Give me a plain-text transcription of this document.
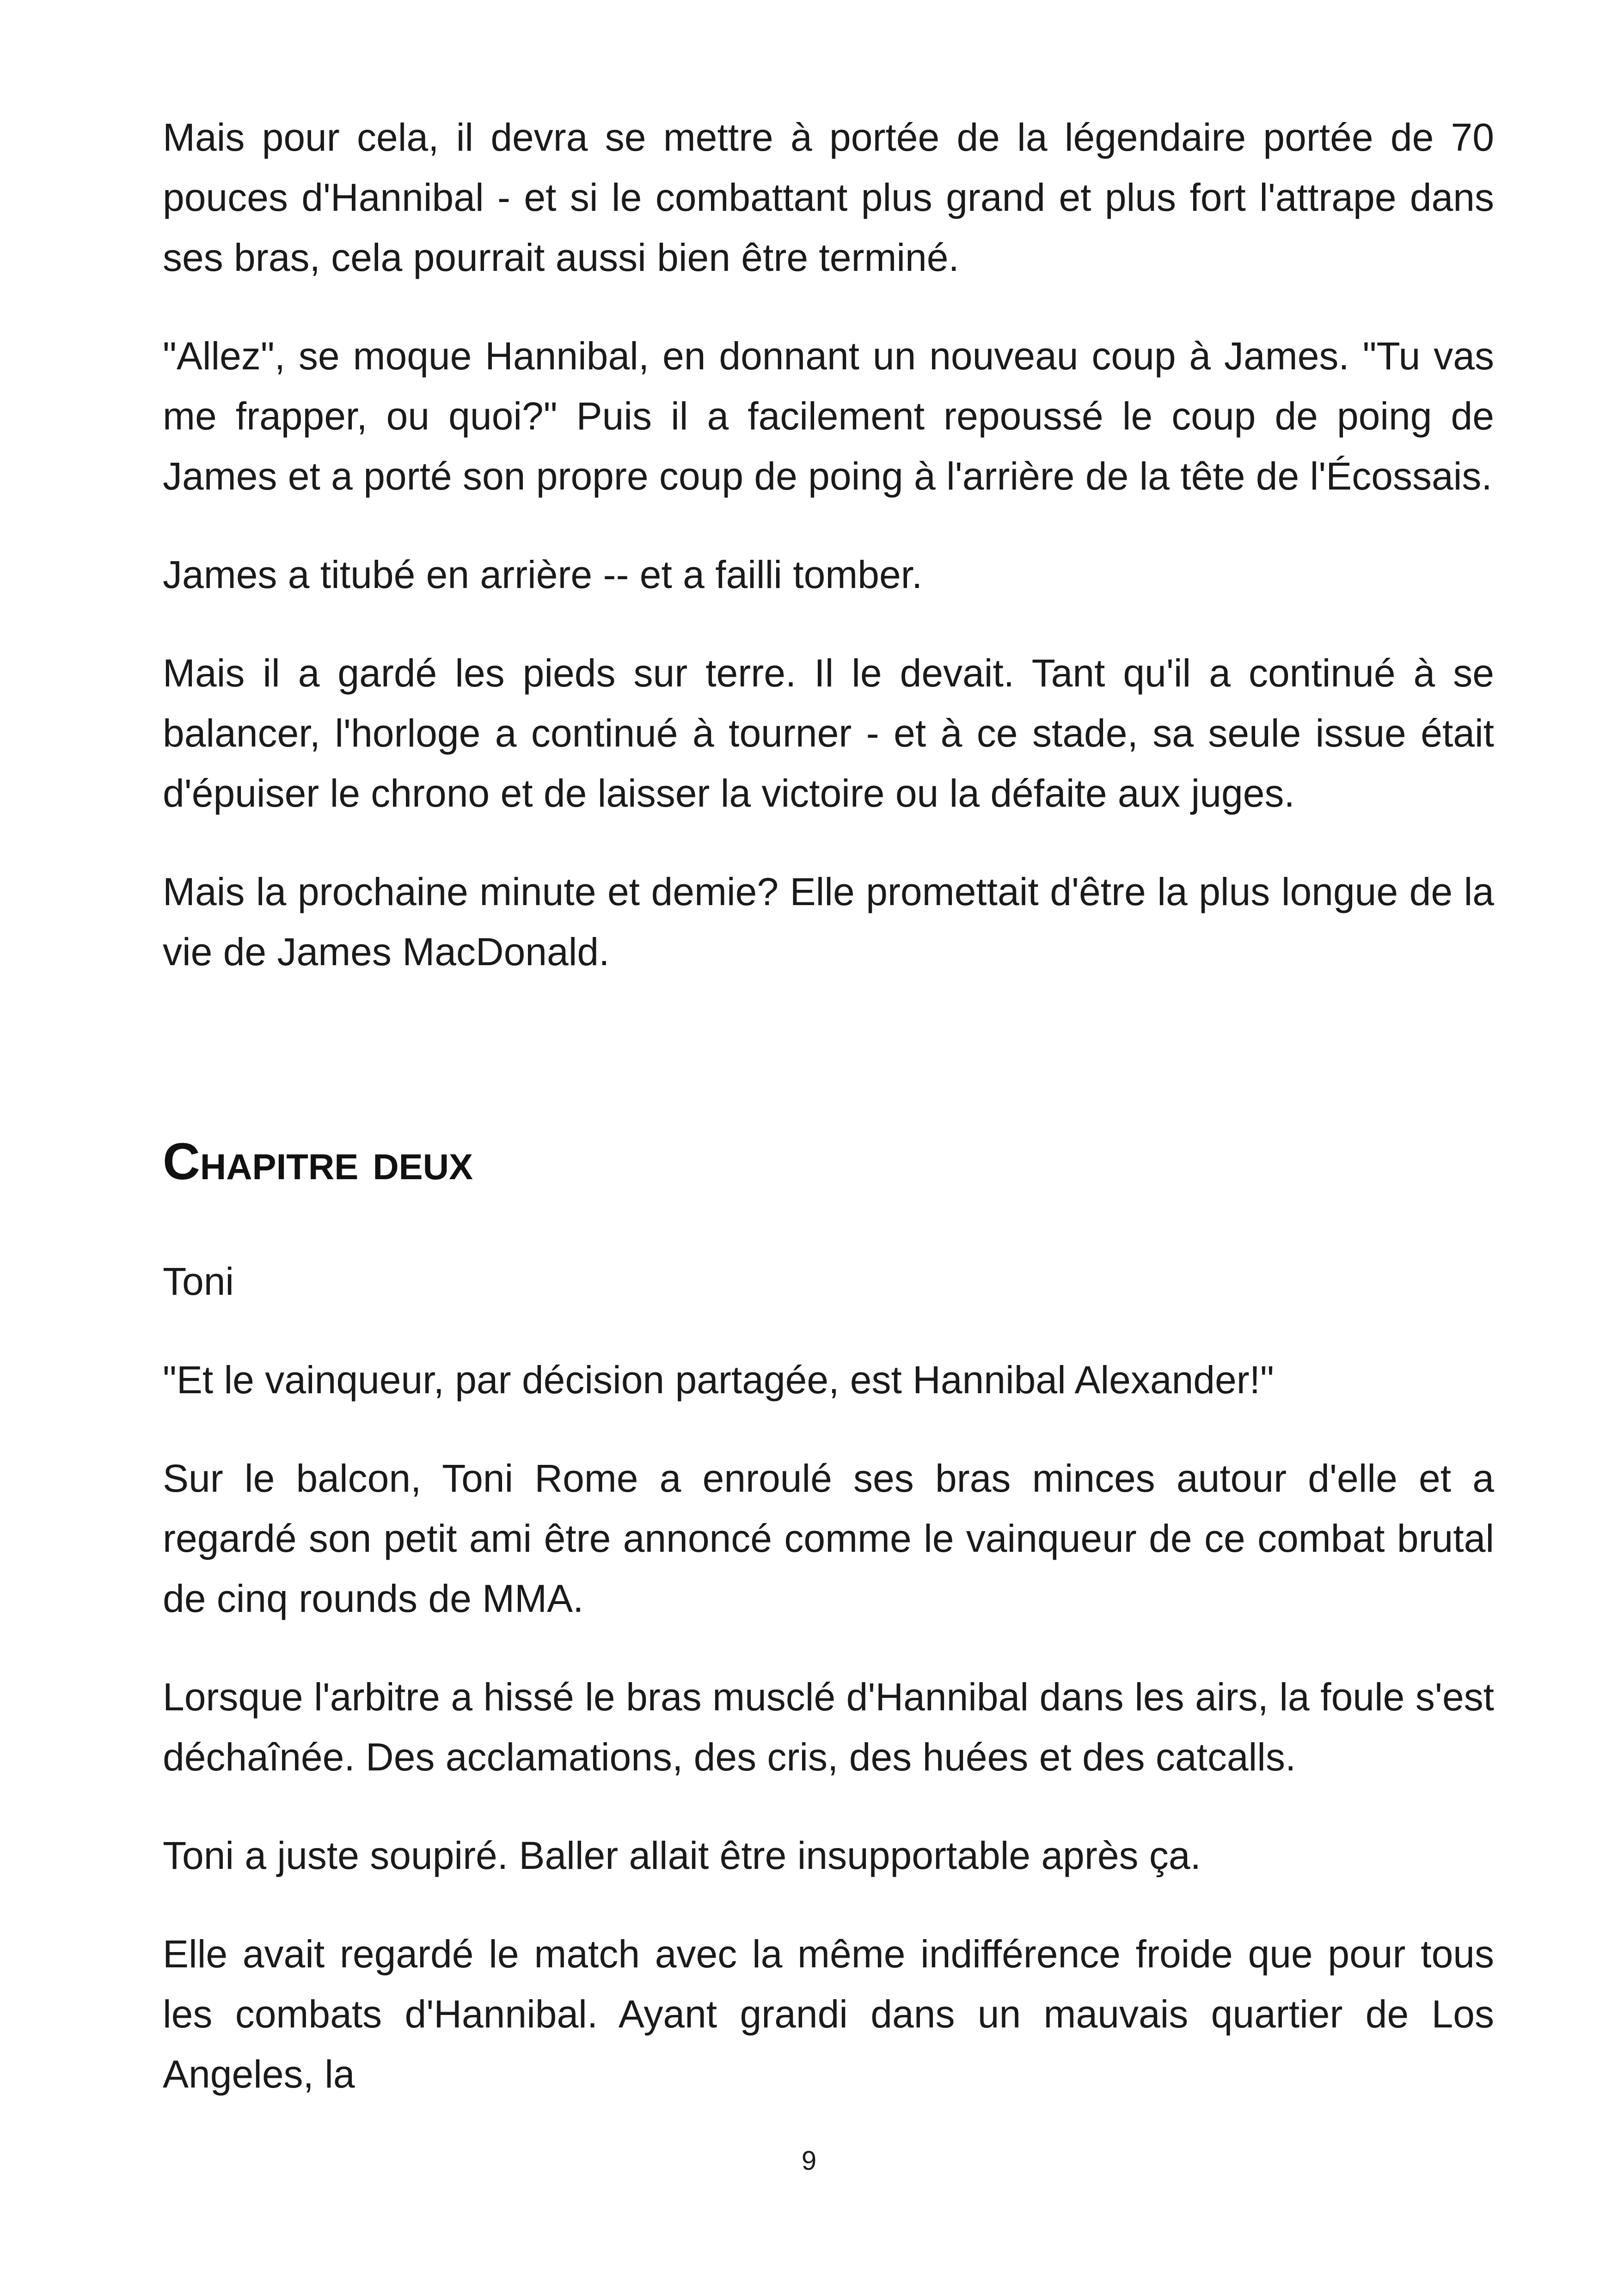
Mais pour cela, il devra se mettre à portée de la légendaire portée de 70 pouces d'Hannibal - et si le combattant plus grand et plus fort l'attrape dans ses bras, cela pourrait aussi bien être terminé.

"Allez", se moque Hannibal, en donnant un nouveau coup à James. "Tu vas me frapper, ou quoi?" Puis il a facilement repoussé le coup de poing de James et a porté son propre coup de poing à l'arrière de la tête de l'Écossais.

James a titubé en arrière -- et a failli tomber.

Mais il a gardé les pieds sur terre. Il le devait. Tant qu'il a continué à se balancer, l'horloge a continué à tourner - et à ce stade, sa seule issue était d'épuiser le chrono et de laisser la victoire ou la défaite aux juges.

Mais la prochaine minute et demie? Elle promettait d'être la plus longue de la vie de James MacDonald.

Chapitre deux

Toni

"Et le vainqueur, par décision partagée, est Hannibal Alexander!"

Sur le balcon, Toni Rome a enroulé ses bras minces autour d'elle et a regardé son petit ami être annoncé comme le vainqueur de ce combat brutal de cinq rounds de MMA.

Lorsque l'arbitre a hissé le bras musclé d'Hannibal dans les airs, la foule s'est déchaînée. Des acclamations, des cris, des huées et des catcalls.

Toni a juste soupiré. Baller allait être insupportable après ça.

Elle avait regardé le match avec la même indifférence froide que pour tous les combats d'Hannibal. Ayant grandi dans un mauvais quartier de Los Angeles, la

9
